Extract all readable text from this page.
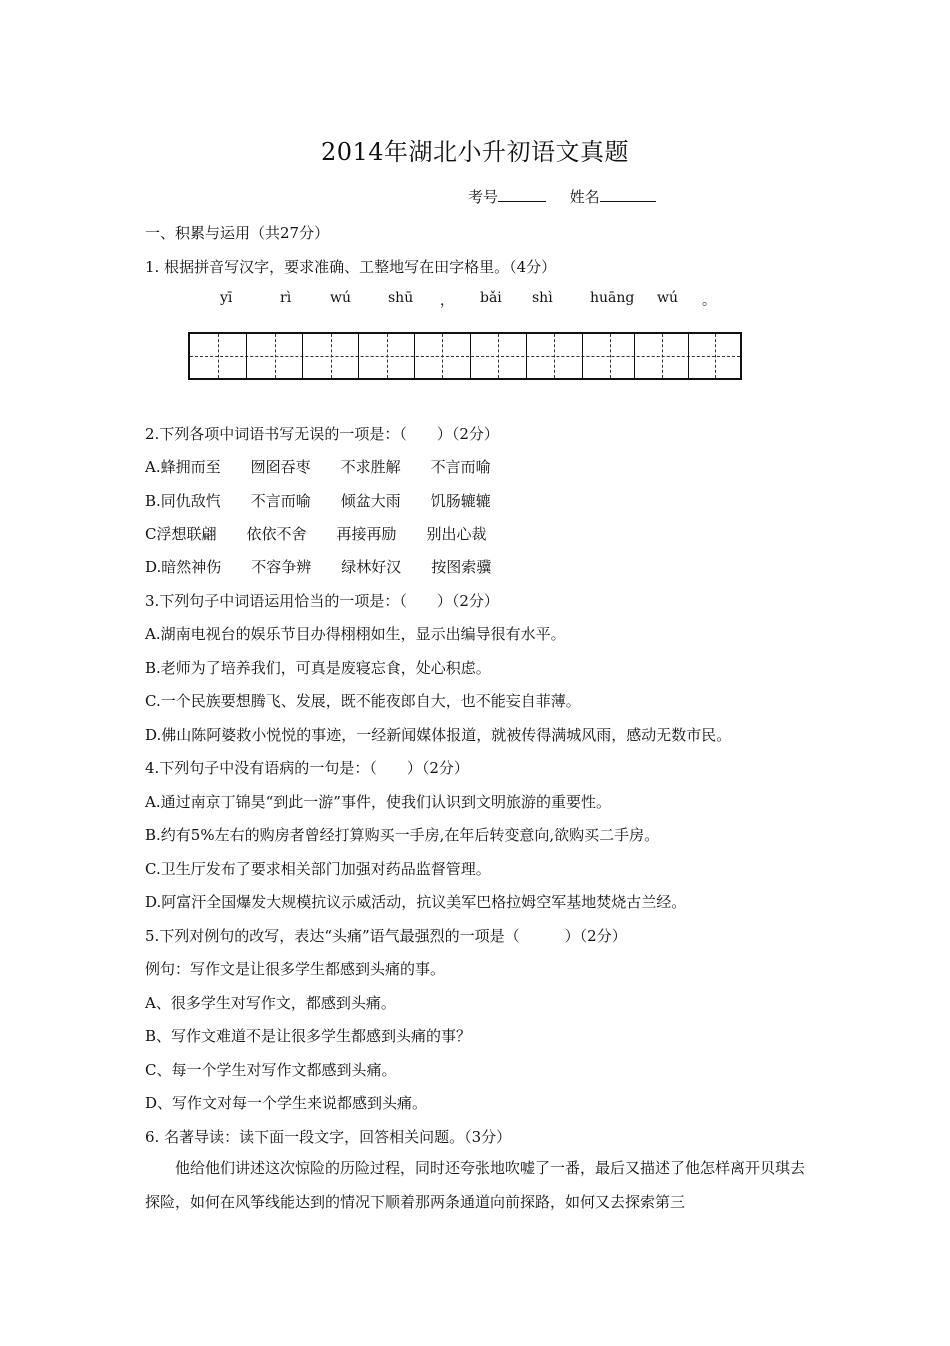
2014年湖北小升初语文真题
考号	姓名
一、积累与运用（共27分）
1. 根据拼音写汉字，要求准确、工整地写在田字格里。（4分）
yī	rì	wú	shū ， bǎi shì	huāng wú 。
2.下列各项中词语书写无误的一项是：（　　）（2分）
A.蜂拥而至　　囫囵吞枣　　不求胜解　　不言而喻
B.同仇敌忾　　不言而喻　　倾盆大雨　　饥肠辘辘
C浮想联翩　　依依不舍　　再接再励　　别出心裁
D.暗然神伤　　不容争辨　　绿林好汉　　按图索骥
3.下列句子中词语运用恰当的一项是：（　　）（2分）
A.湖南电视台的娱乐节目办得栩栩如生，显示出编导很有水平。
B.老师为了培养我们，可真是废寝忘食，处心积虑。
C.一个民族要想腾飞、发展，既不能夜郎自大，也不能妄自菲薄。
D.佛山陈阿婆救小悦悦的事迹，一经新闻媒体报道，就被传得满城风雨，感动无数市民。
4.下列句子中没有语病的一句是：（　　）（2分）
A.通过南京丁锦昊“到此一游”事件，使我们认识到文明旅游的重要性。
B.约有5%左右的购房者曾经打算购买一手房,在年后转变意向,欲购买二手房。
C.卫生厅发布了要求相关部门加强对药品监督管理。
D.阿富汗全国爆发大规模抗议示威活动，抗议美军巴格拉姆空军基地焚烧古兰经。
5.下列对例句的改写，表达“头痛”语气最强烈的一项是（　　　）（2分）
例句：写作文是让很多学生都感到头痛的事。
A、很多学生对写作文，都感到头痛。
B、写作文难道不是让很多学生都感到头痛的事？
C、每一个学生对写作文都感到头痛。
D、写作文对每一个学生来说都感到头痛。
6. 名著导读：读下面一段文字，回答相关问题。（3分）
他给他们讲述这次惊险的历险过程，同时还夸张地吹嘘了一番，最后又描述了他怎样离开贝琪去探险，如何在风筝线能达到的情况下顺着那两条通道向前探路，如何又去探索第三
